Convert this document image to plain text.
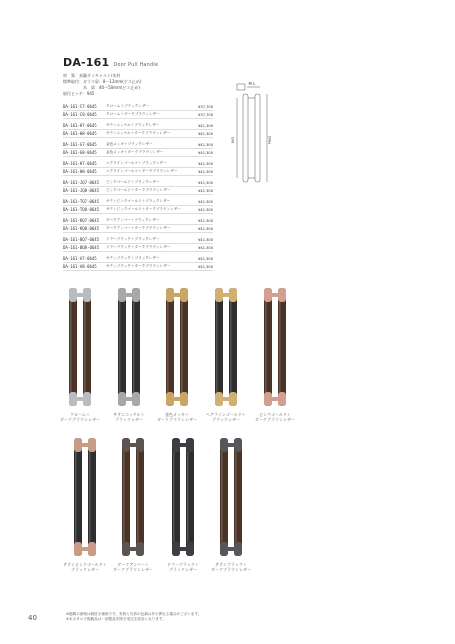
DA-161 Door Pull Handle
材　質：真鍮ダイキャスト/木材
標準取付：ガラス扉：8～12mm(ビス止め)
　　　　　木　扉：40～50mm(ビス止め)
取付ピッチ：945
DA-161-C7-0645	クローム＋ブラックレザー	¥37,700
DA-161-C8-0645	クローム＋ダークブラウンレザー	¥37,700
DA-161-H7-0645	サテンニッケル＋ブラックレザー	¥41,300
DA-161-H8-0645	サテンニッケル＋ダークブラウンレザー	¥41,300
DA-161-G7-0645	金色メッキ＋ブラックレザー	¥41,300
DA-161-G8-0645	金色メッキ＋ダークブラウンレザー	¥41,300
DA-161-H7-0645	ヘアラインゴールド＋ブラックレザー	¥41,300
DA-161-H8-0645	ヘアラインゴールド＋ダークブラウンレザー	¥41,300
DA-161-JQ7-0645	ピンクゴールド＋ブラックレザー	¥41,300
DA-161-JQ8-0645	ピンクゴールド＋ダークブラウンレザー	¥41,300
DA-161-TQ7-0645	サテンピンクゴールド＋ブラックレザー	¥41,300
DA-161-TQ8-0645	サテンピンクゴールド＋ダークブラウンレザー	¥41,300
DA-161-KQ7-0645	ダークアンバー＋ブラックレザー	¥41,300
DA-161-KQ8-0645	ダークアンバー＋ダークブラウンレザー	¥41,300
DA-161-BQ7-0645	ドラーブラック＋ブラックレザー	¥41,300
DA-161-BQ8-0645	ドラーブラック＋ダークブラウンレザー	¥41,300
DA-161-A7-0645	サテンブラック＋ブラックレザー	¥41,300
DA-161-A8-0645	サテンブラック＋ダークブラウンレザー	¥41,300
M L
945	P945
40	※掲載の価格は税抜き価格です。実物と写真の色調は多少異なる場合がございます。
※本カタログ掲載品は一部製品を除き受注生産品となります。
クローム＋
ダークブラウンレザー
サテンニッケル＋
ブラックレザー
金色メッキ＋
ダークブラウンレザー
ヘアラインゴールド＋
ブラックレザー
ピンクゴールド＋
ダークブラウンレザー
サテンピンクゴールド＋
ブラックレザー
ダークアンバー＋
ダークブラウンレザー
ドラーブラック＋
ブラックレザー
サテンブラック＋
ダークブラウンレザー
